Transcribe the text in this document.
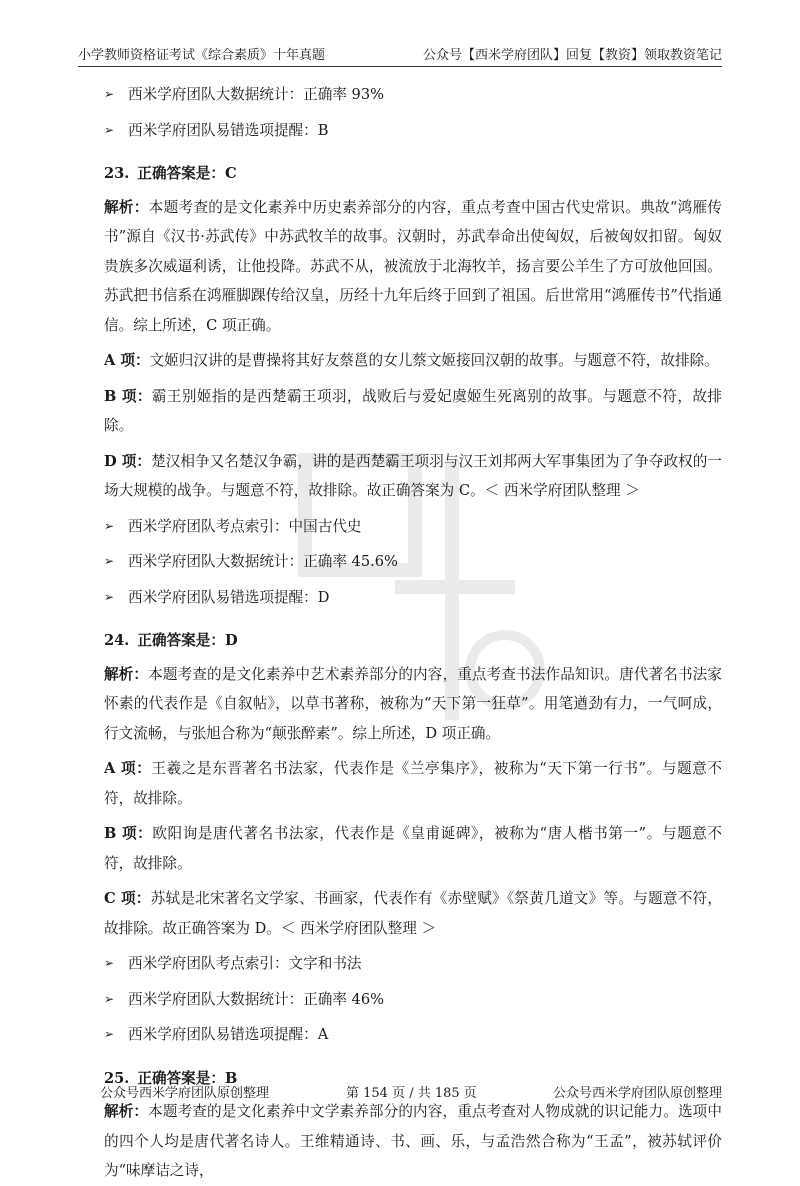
小学教师资格证考试《综合素质》十年真题	公众号【西米学府团队】回复【教资】领取教资笔记
➢ 西米学府团队大数据统计：正确率 93%
➢ 西米学府团队易错选项提醒：B
23. 正确答案是：C

解析：本题考查的是文化素养中历史素养部分的内容，重点考查中国古代史常识。典故“鸿雁传书”源自《汉书·苏武传》中苏武牧羊的故事。汉朝时，苏武奉命出使匈奴，后被匈奴扣留。匈奴贵族多次威逼利诱，让他投降。苏武不从，被流放于北海牧羊，扬言要公羊生了方可放他回国。苏武把书信系在鸿雁脚踝传给汉皇，历经十九年后终于回到了祖国。后世常用“鸿雁传书”代指通信。综上所述，C 项正确。

A 项：文姬归汉讲的是曹操将其好友蔡邕的女儿蔡文姬接回汉朝的故事。与题意不符，故排除。

B 项：霸王别姬指的是西楚霸王项羽，战败后与爱妃虞姬生死离别的故事。与题意不符，故排除。

D 项：楚汉相争又名楚汉争霸，讲的是西楚霸王项羽与汉王刘邦两大军事集团为了争夺政权的一场大规模的战争。与题意不符，故排除。故正确答案为 C。＜ 西米学府团队整理 ＞

➢ 西米学府团队考点索引：中国古代史
➢ 西米学府团队大数据统计：正确率 45.6%
➢ 西米学府团队易错选项提醒：D
24. 正确答案是：D

解析：本题考查的是文化素养中艺术素养部分的内容，重点考查书法作品知识。唐代著名书法家怀素的代表作是《自叙帖》，以草书著称，被称为“天下第一狂草”。用笔遒劲有力，一气呵成，行文流畅，与张旭合称为“颠张醉素”。综上所述，D 项正确。

A 项：王羲之是东晋著名书法家，代表作是《兰亭集序》，被称为“天下第一行书”。与题意不符，故排除。

B 项：欧阳询是唐代著名书法家，代表作是《皇甫诞碑》，被称为“唐人楷书第一”。与题意不符，故排除。

C 项：苏轼是北宋著名文学家、书画家，代表作有《赤壁赋》《祭黄几道文》等。与题意不符，故排除。故正确答案为 D。＜ 西米学府团队整理 ＞

➢ 西米学府团队考点索引：文字和书法
➢ 西米学府团队大数据统计：正确率 46%
➢ 西米学府团队易错选项提醒：A
25. 正确答案是：B

解析：本题考查的是文化素养中文学素养部分的内容，重点考查对人物成就的识记能力。选项中的四个人均是唐代著名诗人。王维精通诗、书、画、乐，与孟浩然合称为“王孟”，被苏轼评价为“味摩诘之诗，

公众号西米学府团队原创整理	第 154 页 / 共 185 页	公众号西米学府团队原创整理
